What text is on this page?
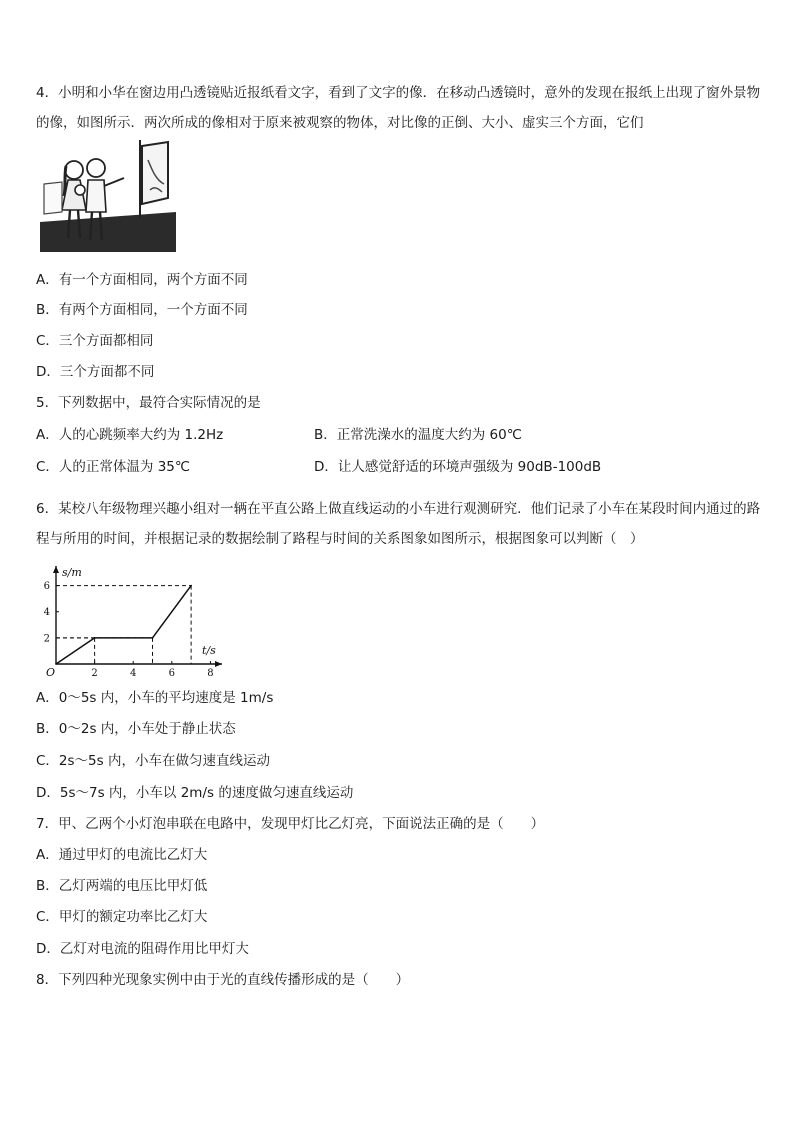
4．小明和小华在窗边用凸透镜贴近报纸看文字，看到了文字的像．在移动凸透镜时，意外的发现在报纸上出现了窗外景物的像，如图所示．两次所成的像相对于原来被观察的物体，对比像的正倒、大小、虚实三个方面，它们
A．有一个方面相同，两个方面不同
B．有两个方面相同，一个方面不同
C．三个方面都相同
D．三个方面都不同
5．下列数据中，最符合实际情况的是
A．人的心跳频率大约为 1.2Hz	B．正常洗澡水的温度大约为 60℃
C．人的正常体温为 35℃	D．让人感觉舒适的环境声强级为 90dB-100dB
6．某校八年级物理兴趣小组对一辆在平直公路上做直线运动的小车进行观测研究．他们记录了小车在某段时间内通过的路程与所用的时间，并根据记录的数据绘制了路程与时间的关系图象如图所示，根据图象可以判断（　）
s/m
t/s
O	2	4	6	8
2
4
6
A．0～5s 内，小车的平均速度是 1m/s
B．0～2s 内，小车处于静止状态
C．2s～5s 内，小车在做匀速直线运动
D．5s～7s 内，小车以 2m/s 的速度做匀速直线运动
7．甲、乙两个小灯泡串联在电路中，发现甲灯比乙灯亮，下面说法正确的是（　　）
A．通过甲灯的电流比乙灯大
B．乙灯两端的电压比甲灯低
C．甲灯的额定功率比乙灯大
D．乙灯对电流的阻碍作用比甲灯大
8．下列四种光现象实例中由于光的直线传播形成的是（　　）
